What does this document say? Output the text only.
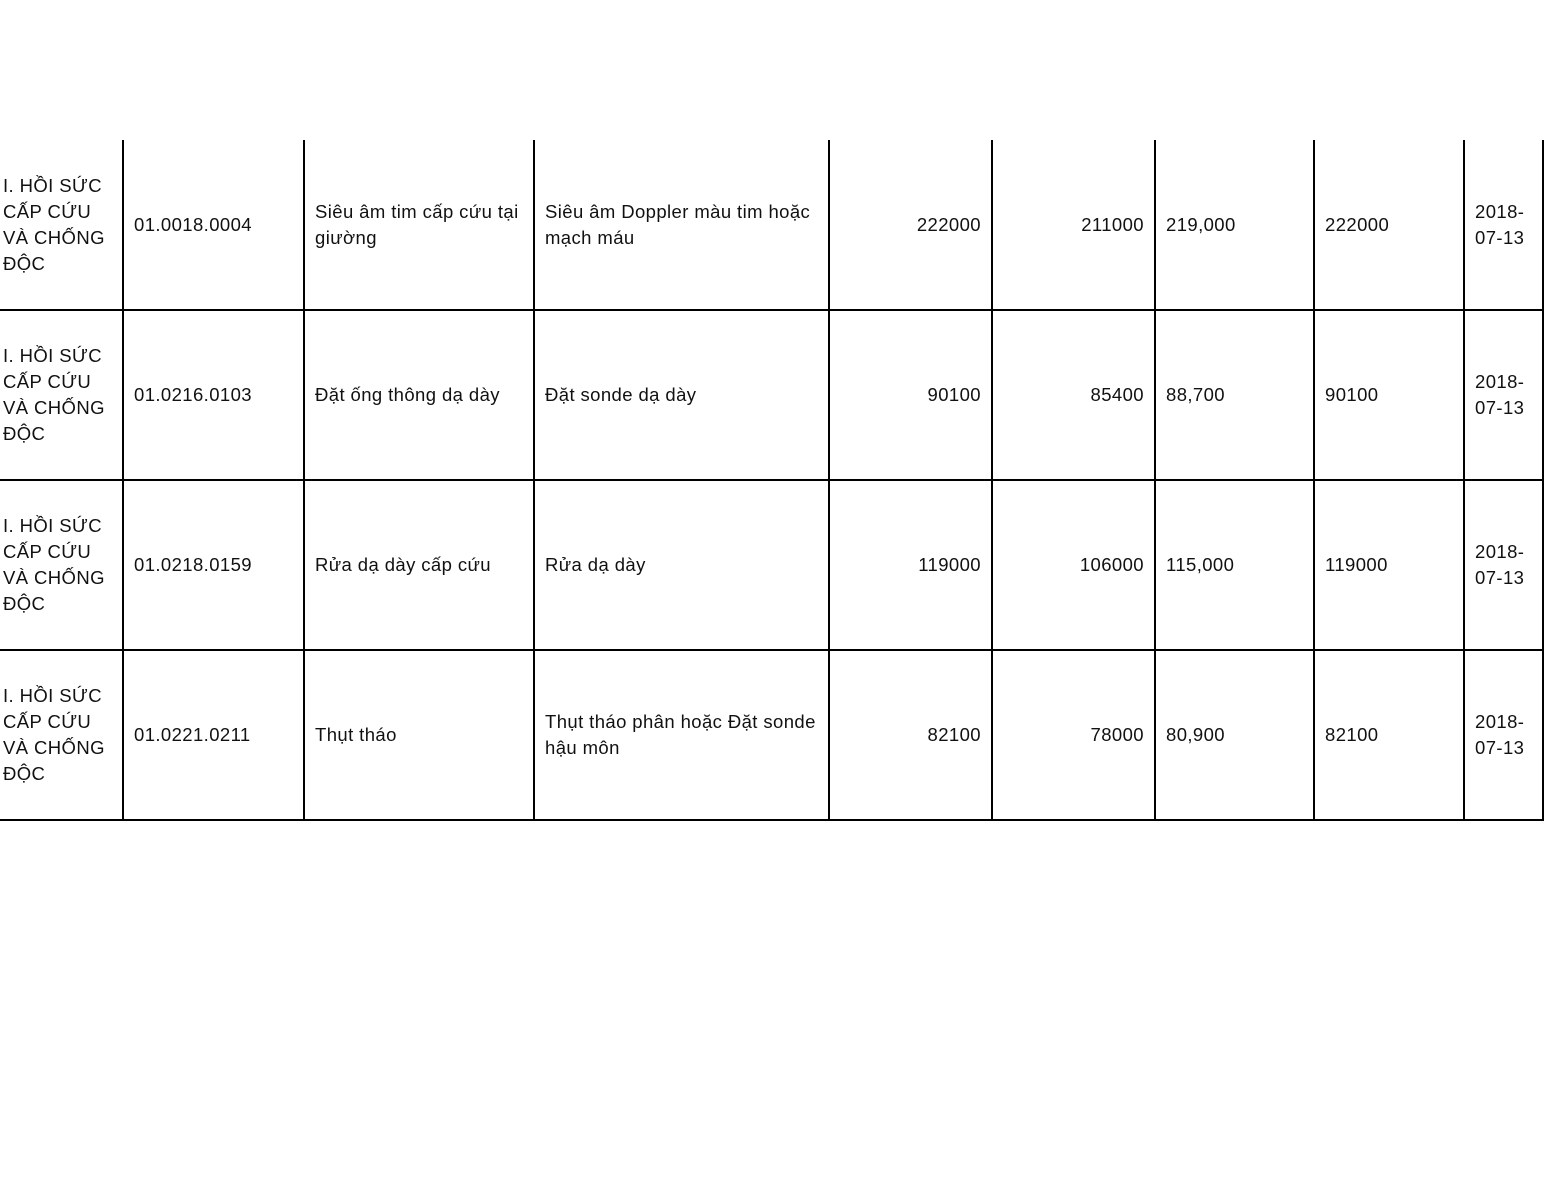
I. HỒI SỨC CẤP CỨU VÀ CHỐNG ĐỘC	01.0018.0004	Siêu âm tim cấp cứu tại giường	Siêu âm Doppler màu tim hoặc mạch máu	222000	211000	219,000	222000	2018-07-13
I. HỒI SỨC CẤP CỨU VÀ CHỐNG ĐỘC	01.0216.0103	Đặt ống thông dạ dày	Đặt sonde dạ dày	90100	85400	88,700	90100	2018-07-13
I. HỒI SỨC CẤP CỨU VÀ CHỐNG ĐỘC	01.0218.0159	Rửa dạ dày cấp cứu	Rửa dạ dày	119000	106000	115,000	119000	2018-07-13
I. HỒI SỨC CẤP CỨU VÀ CHỐNG ĐỘC	01.0221.0211	Thụt tháo	Thụt tháo phân hoặc Đặt sonde hậu môn	82100	78000	80,900	82100	2018-07-13
